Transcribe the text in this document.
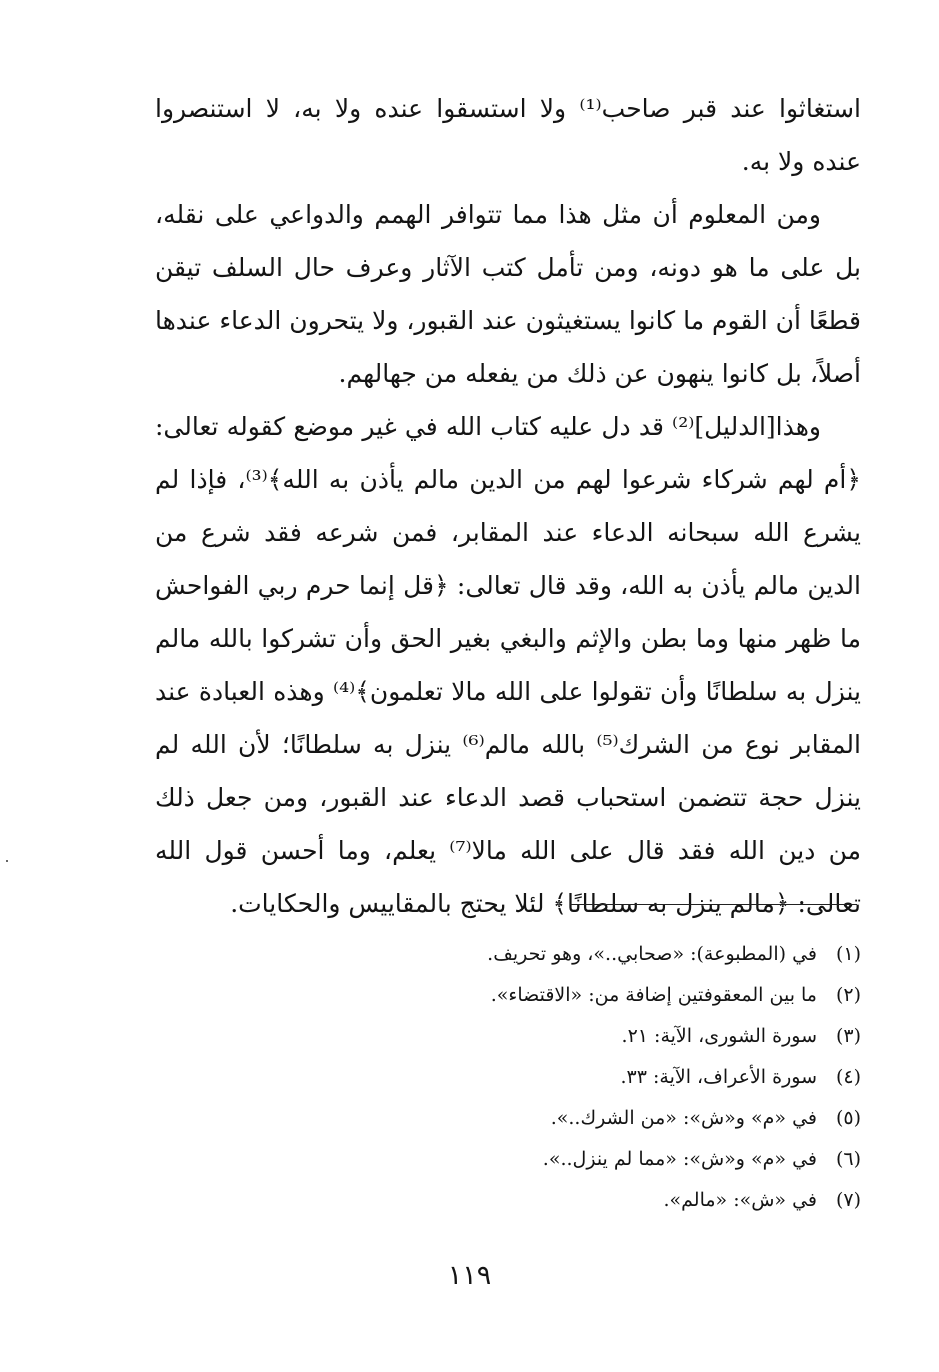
استغاثوا عند قبر صاحب⁽¹⁾ ولا استسقوا عنده ولا به، لا استنصروا عنده ولا به.

ومن المعلوم أن مثل هذا مما تتوافر الهمم والدواعي على نقله، بل على ما هو دونه، ومن تأمل كتب الآثار وعرف حال السلف تيقن قطعًا أن القوم ما كانوا يستغيثون عند القبور، ولا يتحرون الدعاء عندها أصلاً، بل كانوا ينهون عن ذلك من يفعله من جهالهم.

وهذا[الدليل]⁽²⁾ قد دل عليه كتاب الله في غير موضع كقوله تعالى: ﴿أم لهم شركاء شرعوا لهم من الدين مالم يأذن به الله﴾⁽³⁾، فإذا لم يشرع الله سبحانه الدعاء عند المقابر، فمن شرعه فقد شرع من الدين مالم يأذن به الله، وقد قال تعالى: ﴿قل إنما حرم ربي الفواحش ما ظهر منها وما بطن والإثم والبغي بغير الحق وأن تشركوا بالله مالم ينزل به سلطانًا وأن تقولوا على الله مالا تعلمون﴾⁽⁴⁾ وهذه العبادة عند المقابر نوع من الشرك⁽⁵⁾ بالله مالم⁽⁶⁾ ينزل به سلطانًا؛ لأن الله لم ينزل حجة تتضمن استحباب قصد الدعاء عند القبور، ومن جعل ذلك من دين الله فقد قال على الله مالا⁽⁷⁾ يعلم، وما أحسن قول الله تعالى: ﴿مالم ينزل به سلطانًا﴾ لئلا يحتج بالمقاييس والحكايات.

(١)
في (المطبوعة): «صحابي..»، وهو تحريف.
(٢)
ما بين المعقوفتين إضافة من: «الاقتضاء».
(٣)
سورة الشورى، الآية: ٢١.
(٤)
سورة الأعراف، الآية: ٣٣.
(٥)
في «م» و«ش»: «من الشرك..».
(٦)
في «م» و«ش»: «مما لم ينزل..».
(٧)
في «ش»: «مالم».
١١٩
